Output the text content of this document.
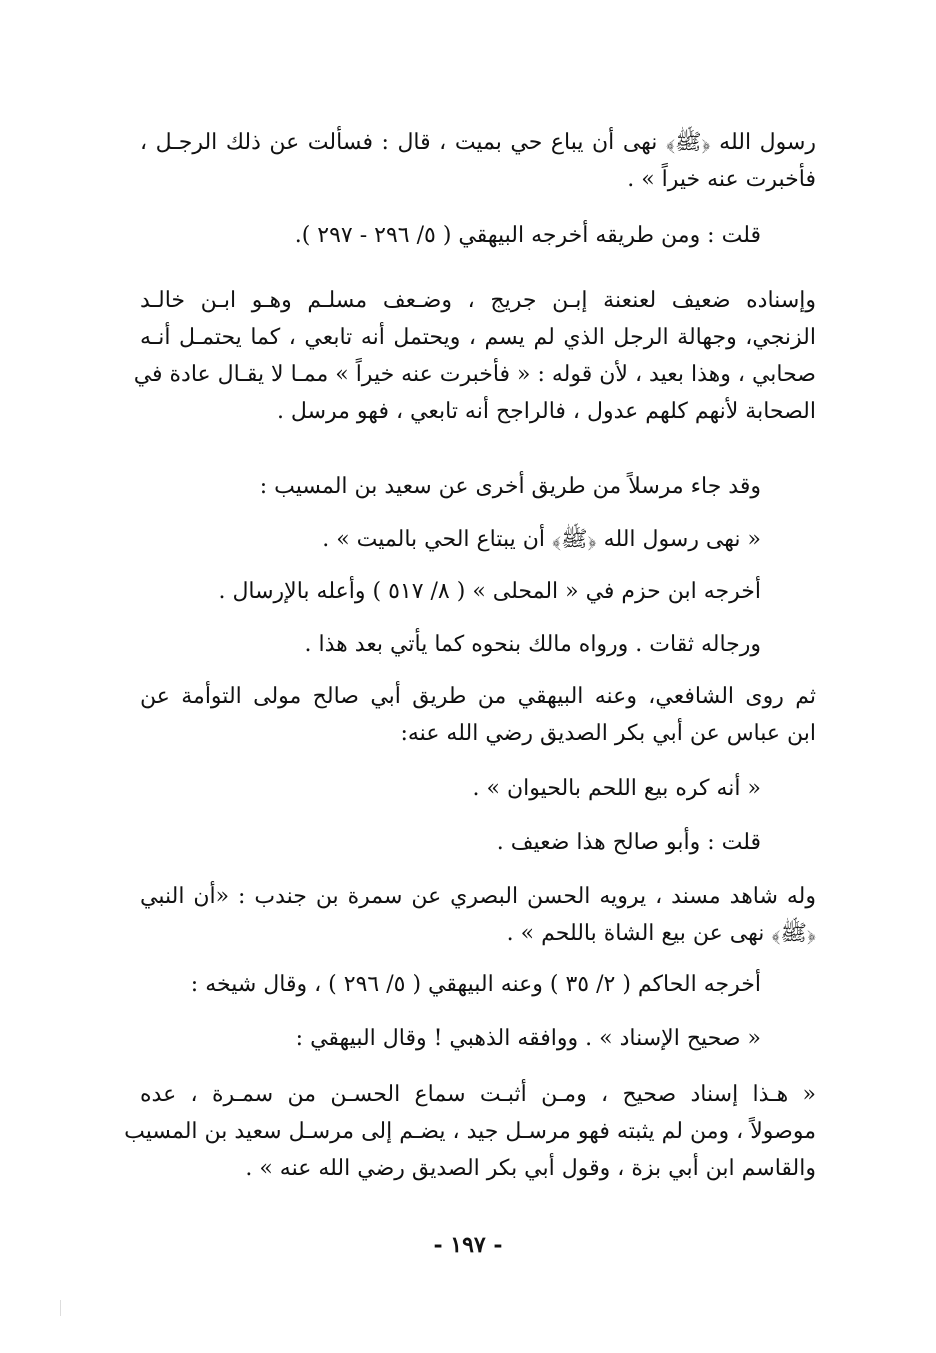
رسول الله ﴿ﷺ﴾ نهى أن يباع حي بميت ، قال : فسألت عن ذلك الرجـل ،
فأخبرت عنه خيراً » .
قلت : ومن طريقه أخرجه البيهقي ( ٥/ ٢٩٦ - ٢٩٧ ).
وإسناده ضعيف لعنعنة إبـن جريج ، وضـعف مسلـم وهـو ابـن خالـد
الزنجي، وجهالة الرجل الذي لم يسم ، ويحتمل أنه تابعي ، كما يحتمـل أنـه
صحابي ، وهذا بعيد ، لأن قوله : « فأخبرت عنه خيراً » ممـا لا يقـال عادة في
الصحابة لأنهم كلهم عدول ، فالراجح أنه تابعي ، فهو مرسل .
وقد جاء مرسلاً من طريق أخرى عن سعيد بن المسيب :
« نهى رسول الله ﴿ﷺ﴾ أن يبتاع الحي بالميت » .
أخرجه ابن حزم في « المحلى » ( ٨/ ٥١٧ ) وأعله بالإرسال .
ورجاله ثقات . ورواه مالك بنحوه كما يأتي بعد هذا .
ثم روى الشافعي، وعنه البيهقي من طريق أبي صالح مولى التوأمة عن
ابن عباس عن أبي بكر الصديق رضي الله عنه:
« أنه كره بيع اللحم بالحيوان » .
قلت : وأبو صالح هذا ضعيف .
وله شاهد مسند ، يرويه الحسن البصري عن سمرة بن جندب : «أن النبي
﴿ﷺ﴾ نهى عن بيع الشاة باللحم » .
أخرجه الحاكم ( ٢/ ٣٥ ) وعنه البيهقي ( ٥/ ٢٩٦ ) ، وقال شيخه :
« صحيح الإسناد » . ووافقه الذهبي ! وقال البيهقي :
« هـذا إسناد صحيح ، ومـن أثبـت سماع الحسـن من سمـرة ، عده
موصولاً ، ومن لم يثبته فهو مرسـل جيد ، يضـم إلى مرسـل سعيد بن المسيب
والقاسم ابن أبي بزة ، وقول أبي بكر الصديق رضي الله عنه » .
- ١٩٧ -
